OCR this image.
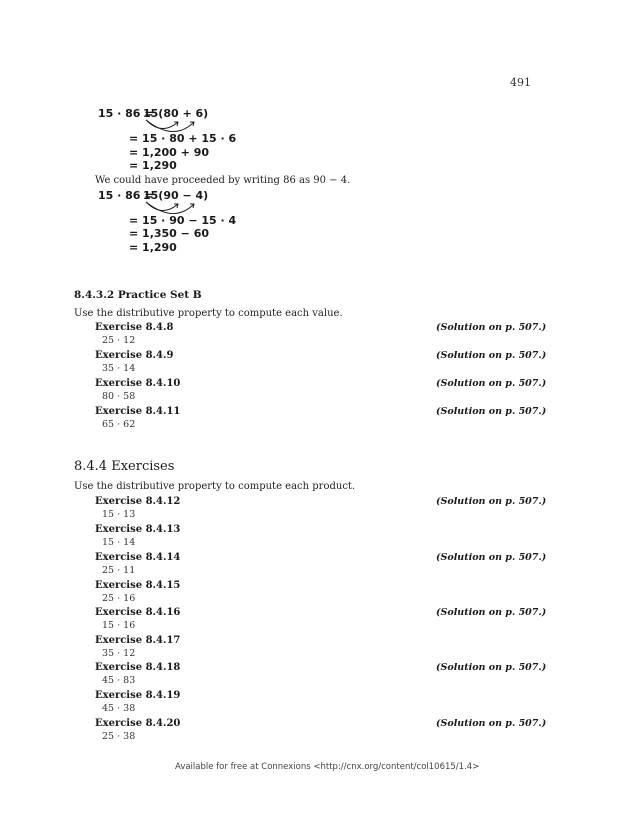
491
15 · 86 =
15(80 + 6)
= 15 · 80 + 15 · 6
= 1,200 + 90
= 1,290
We could have proceeded by writing 86 as 90 − 4.
15 · 86 =
15(90 − 4)
= 15 · 90 − 15 · 4
= 1,350 − 60
= 1,290
8.4.3.2 Practice Set B
Use the distributive property to compute each value.
Exercise 8.4.8	(Solution on p. 507.)
25 · 12
Exercise 8.4.9	(Solution on p. 507.)
35 · 14
Exercise 8.4.10	(Solution on p. 507.)
80 · 58
Exercise 8.4.11	(Solution on p. 507.)
65 · 62
8.4.4 Exercises
Use the distributive property to compute each product.
Exercise 8.4.12	(Solution on p. 507.)
15 · 13
Exercise 8.4.13
15 · 14
Exercise 8.4.14	(Solution on p. 507.)
25 · 11
Exercise 8.4.15
25 · 16
Exercise 8.4.16	(Solution on p. 507.)
15 · 16
Exercise 8.4.17
35 · 12
Exercise 8.4.18	(Solution on p. 507.)
45 · 83
Exercise 8.4.19
45 · 38
Exercise 8.4.20	(Solution on p. 507.)
25 · 38
Available for free at Connexions <http://cnx.org/content/col10615/1.4>
